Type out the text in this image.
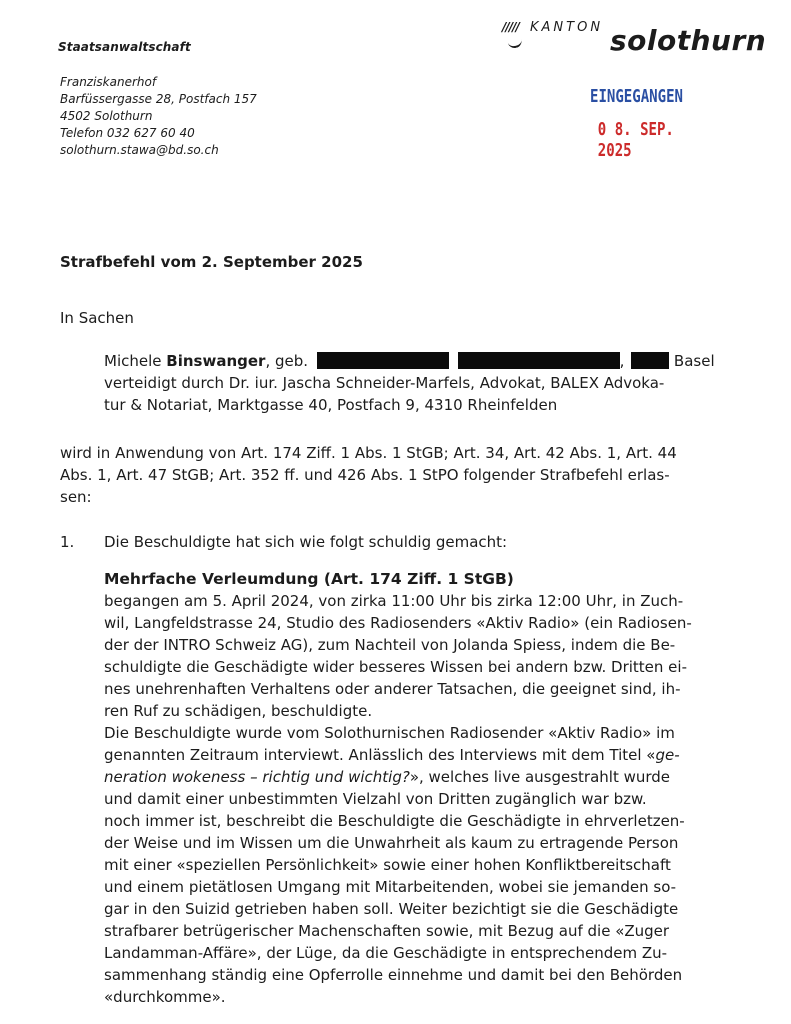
Staatsanwaltschaft
///// KANTON solothurn
Franziskanerhof
Barfüssergasse 28, Postfach 157
4502 Solothurn
Telefon 032 627 60 40
solothurn.stawa@bd.so.ch
EINGEGANGEN
0 8. SEP. 2025
Strafbefehl vom 2. September 2025
In Sachen
Michele Binswanger, geb.	,	Basel
verteidigt durch Dr. iur. Jascha Schneider-Marfels, Advokat, BALEX Advoka-
tur & Notariat, Marktgasse 40, Postfach 9, 4310 Rheinfelden
wird in Anwendung von Art. 174 Ziff. 1 Abs. 1 StGB; Art. 34, Art. 42 Abs. 1, Art. 44
Abs. 1, Art. 47 StGB; Art. 352 ff. und 426 Abs. 1 StPO folgender Strafbefehl erlas-
sen:
1. Die Beschuldigte hat sich wie folgt schuldig gemacht:
Mehrfache Verleumdung (Art. 174 Ziff. 1 StGB)
begangen am 5. April 2024, von zirka 11:00 Uhr bis zirka 12:00 Uhr, in Zuch-
wil, Langfeldstrasse 24, Studio des Radiosenders «Aktiv Radio» (ein Radiosen-
der der INTRO Schweiz AG), zum Nachteil von Jolanda Spiess, indem die Be-
schuldigte die Geschädigte wider besseres Wissen bei andern bzw. Dritten ei-
nes unehrenhaften Verhaltens oder anderer Tatsachen, die geeignet sind, ih-
ren Ruf zu schädigen, beschuldigte.
Die Beschuldigte wurde vom Solothurnischen Radiosender «Aktiv Radio» im
genannten Zeitraum interviewt. Anlässlich des Interviews mit dem Titel «ge-
neration wokeness – richtig und wichtig?», welches live ausgestrahlt wurde
und damit einer unbestimmten Vielzahl von Dritten zugänglich war bzw.
noch immer ist, beschreibt die Beschuldigte die Geschädigte in ehrverletzen-
der Weise und im Wissen um die Unwahrheit als kaum zu ertragende Person
mit einer «speziellen Persönlichkeit» sowie einer hohen Konfliktbereitschaft
und einem pietätlosen Umgang mit Mitarbeitenden, wobei sie jemanden so-
gar in den Suizid getrieben haben soll. Weiter bezichtigt sie die Geschädigte
strafbarer betrügerischer Machenschaften sowie, mit Bezug auf die «Zuger
Landamman-Affäre», der Lüge, da die Geschädigte in entsprechendem Zu-
sammenhang ständig eine Opferrolle einnehme und damit bei den Behörden
«durchkomme».
